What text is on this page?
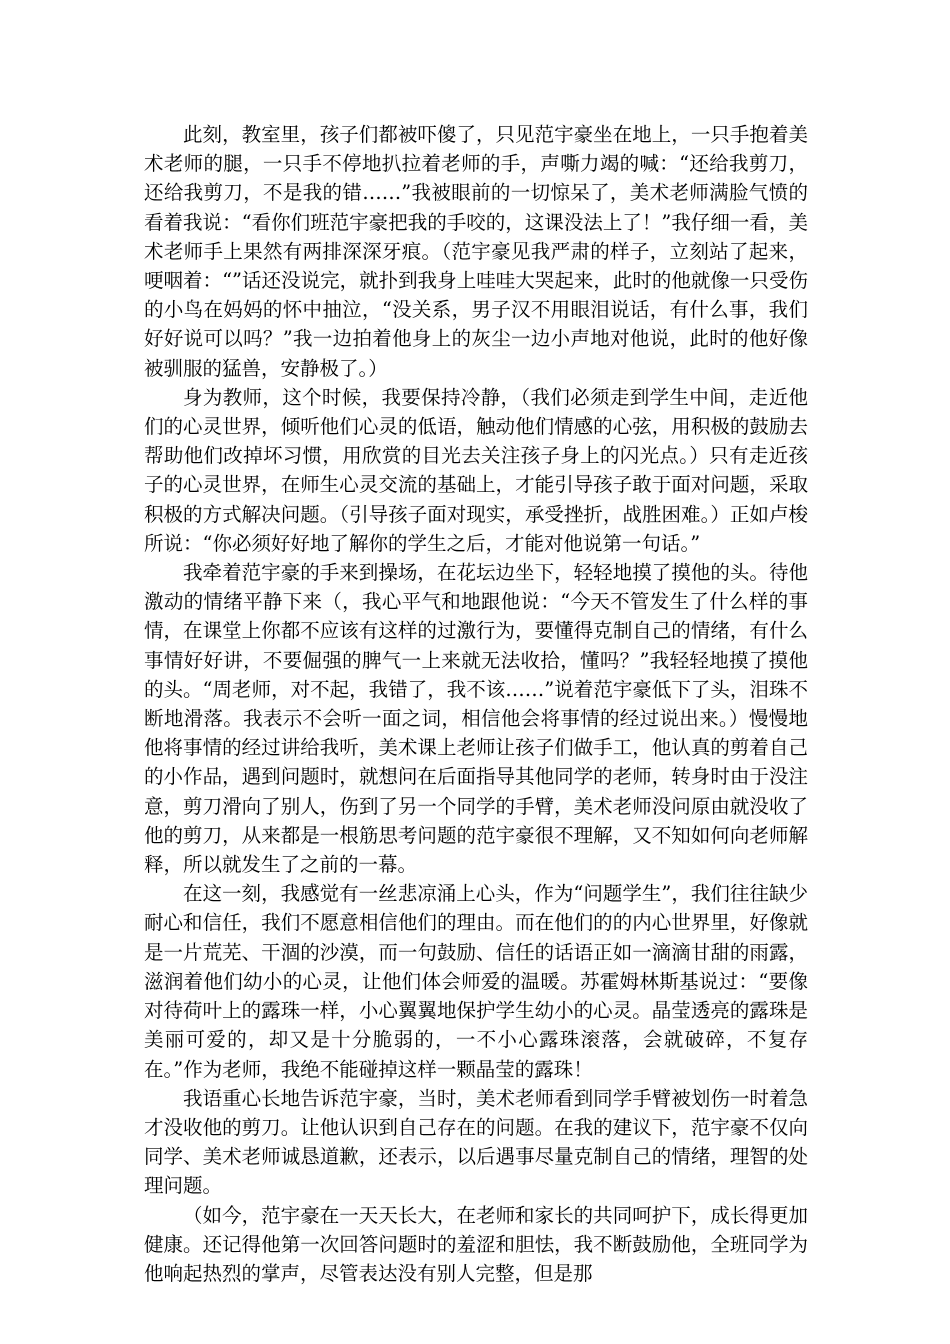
此刻，教室里，孩子们都被吓傻了，只见范宇豪坐在地上，一只手抱着美术老师的腿，一只手不停地扒拉着老师的手，声嘶力竭的喊：“还给我剪刀，还给我剪刀，不是我的错……”我被眼前的一切惊呆了，美术老师满脸气愤的看着我说：“看你们班范宇豪把我的手咬的，这课没法上了！”我仔细一看，美术老师手上果然有两排深深牙痕。（范宇豪见我严肃的样子，立刻站了起来，哽咽着：“”话还没说完，就扑到我身上哇哇大哭起来，此时的他就像一只受伤的小鸟在妈妈的怀中抽泣，“没关系，男子汉不用眼泪说话，有什么事，我们好好说可以吗？”我一边拍着他身上的灰尘一边小声地对他说，此时的他好像被驯服的猛兽，安静极了。）

身为教师，这个时候，我要保持冷静，（我们必须走到学生中间，走近他们的心灵世界，倾听他们心灵的低语，触动他们情感的心弦，用积极的鼓励去帮助他们改掉坏习惯，用欣赏的目光去关注孩子身上的闪光点。）只有走近孩子的心灵世界，在师生心灵交流的基础上，才能引导孩子敢于面对问题，采取积极的方式解决问题。（引导孩子面对现实，承受挫折，战胜困难。）正如卢梭所说：“你必须好好地了解你的学生之后，才能对他说第一句话。”

我牵着范宇豪的手来到操场，在花坛边坐下，轻轻地摸了摸他的头。待他激动的情绪平静下来（，我心平气和地跟他说：“今天不管发生了什么样的事情，在课堂上你都不应该有这样的过激行为，要懂得克制自己的情绪，有什么事情好好讲，不要倔强的脾气一上来就无法收拾，懂吗？”我轻轻地摸了摸他的头。“周老师，对不起，我错了，我不该……”说着范宇豪低下了头，泪珠不断地滑落。我表示不会听一面之词，相信他会将事情的经过说出来。）慢慢地他将事情的经过讲给我听，美术课上老师让孩子们做手工，他认真的剪着自己的小作品，遇到问题时，就想问在后面指导其他同学的老师，转身时由于没注意，剪刀滑向了别人，伤到了另一个同学的手臂，美术老师没问原由就没收了他的剪刀，从来都是一根筋思考问题的范宇豪很不理解，又不知如何向老师解释，所以就发生了之前的一幕。

在这一刻，我感觉有一丝悲凉涌上心头，作为“问题学生”，我们往往缺少耐心和信任，我们不愿意相信他们的理由。而在他们的的内心世界里，好像就是一片荒芜、干涸的沙漠，而一句鼓励、信任的话语正如一滴滴甘甜的雨露，滋润着他们幼小的心灵，让他们体会师爱的温暖。苏霍姆林斯基说过：“要像对待荷叶上的露珠一样，小心翼翼地保护学生幼小的心灵。晶莹透亮的露珠是美丽可爱的，却又是十分脆弱的，一不小心露珠滚落，会就破碎，不复存在。”作为老师，我绝不能碰掉这样一颗晶莹的露珠！

我语重心长地告诉范宇豪，当时，美术老师看到同学手臂被划伤一时着急才没收他的剪刀。让他认识到自己存在的问题。在我的建议下，范宇豪不仅向同学、美术老师诚恳道歉，还表示，以后遇事尽量克制自己的情绪，理智的处理问题。

（如今，范宇豪在一天天长大，在老师和家长的共同呵护下，成长得更加健康。还记得他第一次回答问题时的羞涩和胆怯，我不断鼓励他，全班同学为他响起热烈的掌声，尽管表达没有别人完整，但是那
